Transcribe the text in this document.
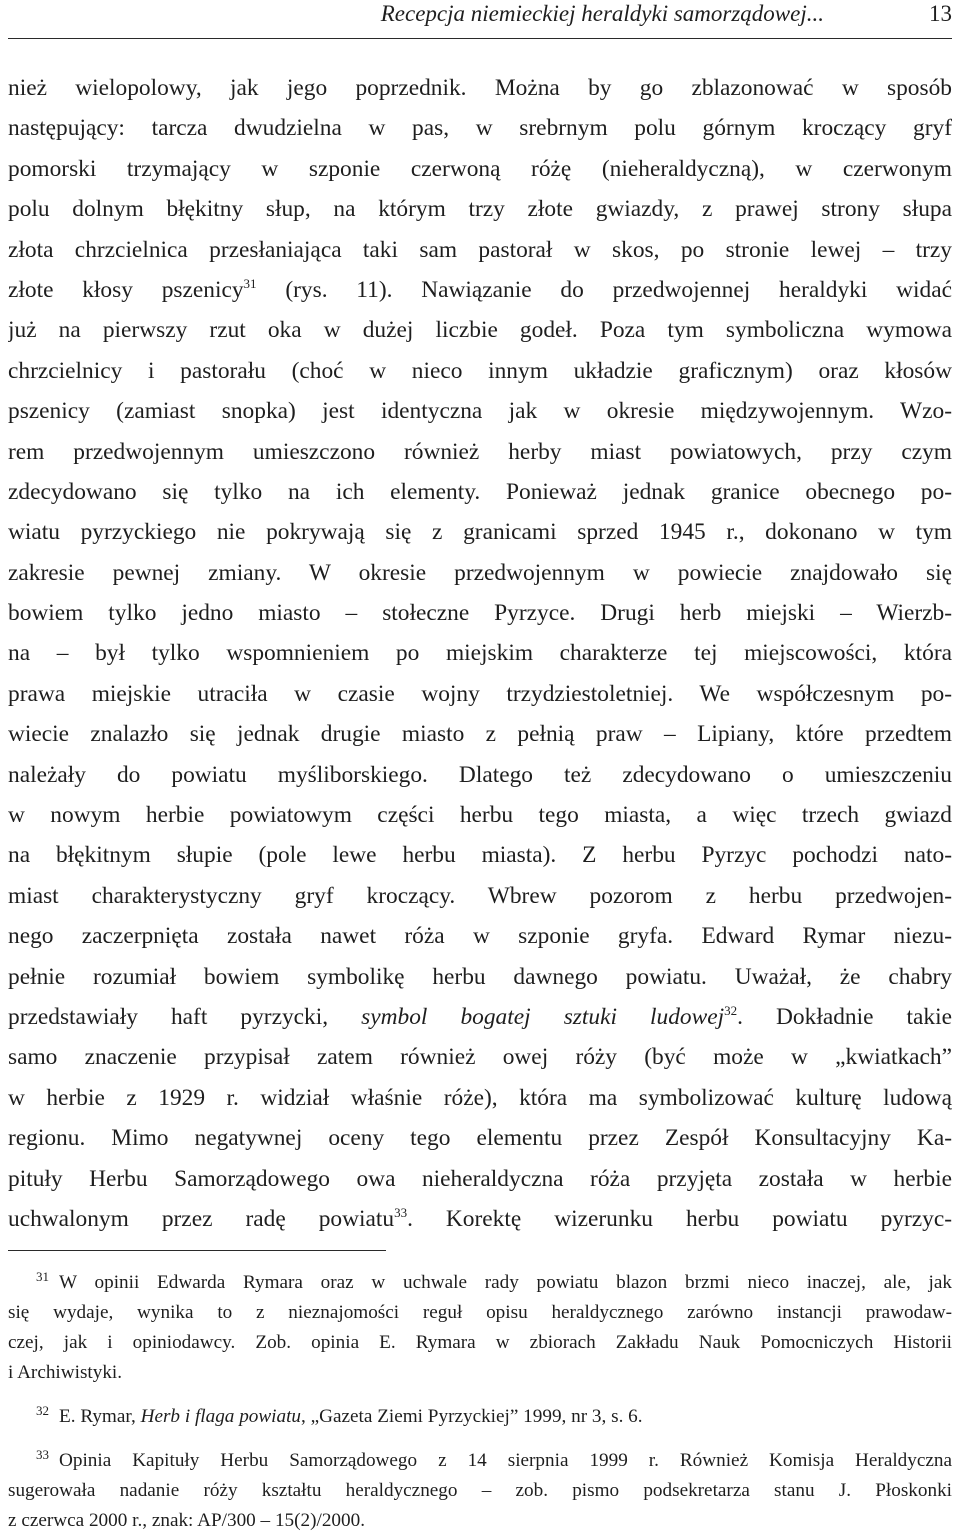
Recepcja niemieckiej heraldyki samorządowej...	13
nież wielopolowy, jak jego poprzednik. Można by go zblazonować w sposób
następujący: tarcza dwudzielna w pas, w srebrnym polu górnym kroczący gryf
pomorski trzymający w szponie czerwoną różę (nieheraldyczną), w czerwonym
polu dolnym błękitny słup, na którym trzy złote gwiazdy, z prawej strony słupa
złota chrzcielnica przesłaniająca taki sam pastorał w skos, po stronie lewej – trzy
złote kłosy pszenicy$^{31}$ (rys. 11). Nawiązanie do przedwojennej heraldyki widać
już na pierwszy rzut oka w dużej liczbie godeł. Poza tym symboliczna wymowa
chrzcielnicy i pastorału (choć w nieco innym układzie graficznym) oraz kłosów
pszenicy (zamiast snopka) jest identyczna jak w okresie międzywojennym. Wzo-
rem przedwojennym umieszczono również herby miast powiatowych, przy czym
zdecydowano się tylko na ich elementy. Ponieważ jednak granice obecnego po-
wiatu pyrzyckiego nie pokrywają się z granicami sprzed 1945 r., dokonano w tym
zakresie pewnej zmiany. W okresie przedwojennym w powiecie znajdowało się
bowiem tylko jedno miasto – stołeczne Pyrzyce. Drugi herb miejski – Wierzb-
na – był tylko wspomnieniem po miejskim charakterze tej miejscowości, która
prawa miejskie utraciła w czasie wojny trzydziestoletniej. We współczesnym po-
wiecie znalazło się jednak drugie miasto z pełnią praw – Lipiany, które przedtem
należały do powiatu myśliborskiego. Dlatego też zdecydowano o umieszczeniu
w nowym herbie powiatowym części herbu tego miasta, a więc trzech gwiazd
na błękitnym słupie (pole lewe herbu miasta). Z herbu Pyrzyc pochodzi nato-
miast charakterystyczny gryf kroczący. Wbrew pozorom z herbu przedwojen-
nego zaczerpnięta została nawet róża w szponie gryfa. Edward Rymar niezu-
pełnie rozumiał bowiem symbolikę herbu dawnego powiatu. Uważał, że chabry
przedstawiały haft pyrzycki, symbol bogatej sztuki ludowej$^{32}$. Dokładnie takie
samo znaczenie przypisał zatem również owej róży (być może w „kwiatkach”
w herbie z 1929 r. widział właśnie róże), która ma symbolizować kulturę ludową
regionu. Mimo negatywnej oceny tego elementu przez Zespół Konsultacyjny Ka-
pituły Herbu Samorządowego owa nieheraldyczna róża przyjęta została w herbie
uchwalonym przez radę powiatu$^{33}$. Korektę wizerunku herbu powiatu pyrzyc-
$^{31}$ W opinii Edwarda Rymara oraz w uchwale rady powiatu blazon brzmi nieco inaczej, ale, jak
się wydaje, wynika to z nieznajomości reguł opisu heraldycznego zarówno instancji prawodaw-
czej, jak i opiniodawcy. Zob. opinia E. Rymara w zbiorach Zakładu Nauk Pomocniczych Historii
i Archiwistyki.
$^{32}$ E. Rymar, Herb i flaga powiatu, „Gazeta Ziemi Pyrzyckiej” 1999, nr 3, s. 6.
$^{33}$ Opinia Kapituły Herbu Samorządowego z 14 sierpnia 1999 r. Również Komisja Heraldyczna
sugerowała nadanie róży kształtu heraldycznego – zob. pismo podsekretarza stanu J. Płoskonki
z czerwca 2000 r., znak: AP/300 – 15(2)/2000.
